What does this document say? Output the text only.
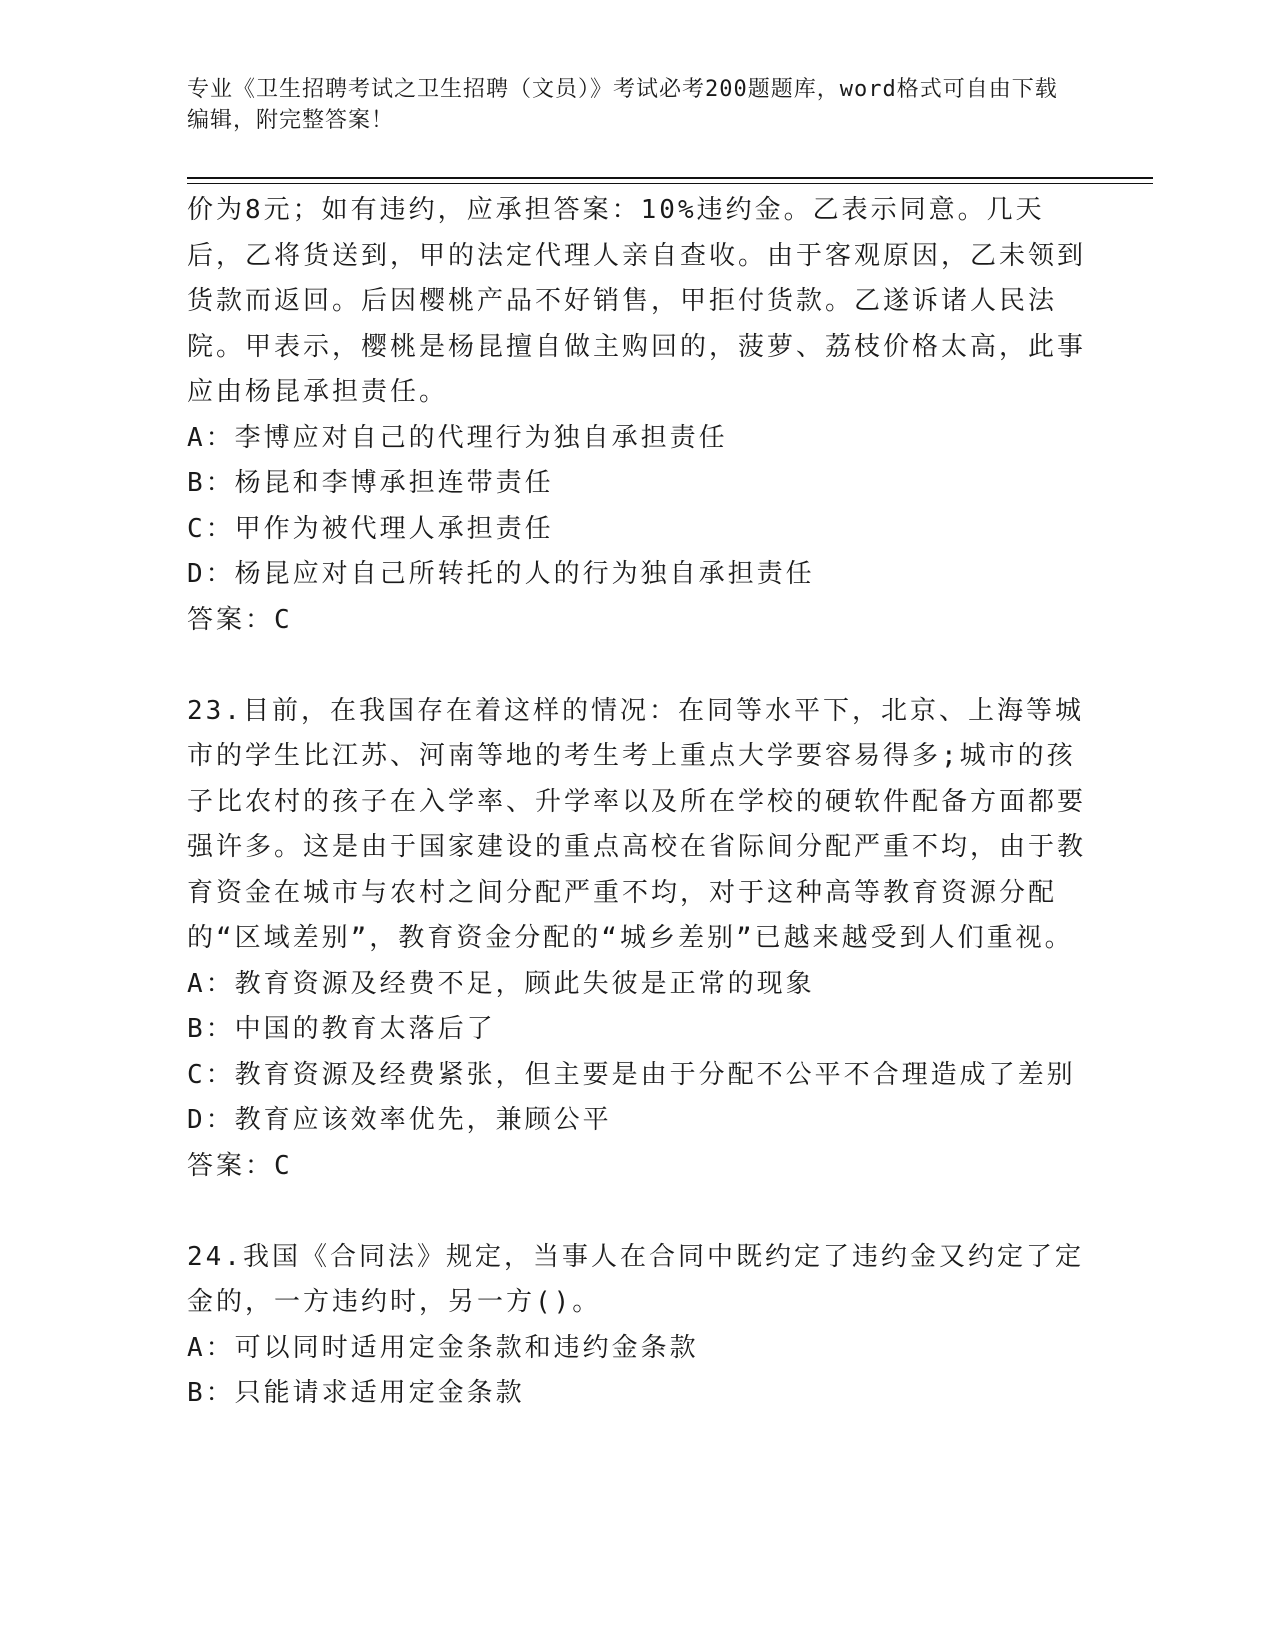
专业《卫生招聘考试之卫生招聘（文员）》考试必考200题题库，word格式可自由下载编辑，附完整答案！

价为8元；如有违约，应承担答案：10%违约金。乙表示同意。几天后，乙将货送到，甲的法定代理人亲自查收。由于客观原因，乙未领到货款而返回。后因樱桃产品不好销售，甲拒付货款。乙遂诉诸人民法院。甲表示，樱桃是杨昆擅自做主购回的，菠萝、荔枝价格太高，此事应由杨昆承担责任。

A：李博应对自己的代理行为独自承担责任

B：杨昆和李博承担连带责任

C：甲作为被代理人承担责任

D：杨昆应对自己所转托的人的行为独自承担责任

答案：C

23.目前，在我国存在着这样的情况：在同等水平下，北京、上海等城市的学生比江苏、河南等地的考生考上重点大学要容易得多;城市的孩子比农村的孩子在入学率、升学率以及所在学校的硬软件配备方面都要强许多。这是由于国家建设的重点高校在省际间分配严重不均，由于教育资金在城市与农村之间分配严重不均，对于这种高等教育资源分配的“区域差别”，教育资金分配的“城乡差别”已越来越受到人们重视。

A：教育资源及经费不足，顾此失彼是正常的现象

B：中国的教育太落后了

C：教育资源及经费紧张，但主要是由于分配不公平不合理造成了差别

D：教育应该效率优先，兼顾公平

答案：C

24.我国《合同法》规定，当事人在合同中既约定了违约金又约定了定金的，一方违约时，另一方()。

A：可以同时适用定金条款和违约金条款

B：只能请求适用定金条款
